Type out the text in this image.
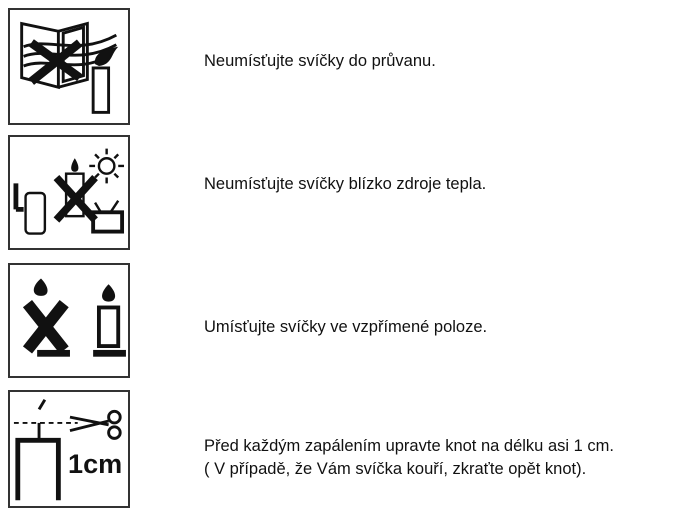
Neumísťujte svíčky do průvanu.
Neumísťujte svíčky blízko zdroje tepla.
Umísťujte svíčky ve vzpřímené poloze.
1cm
Před každým zapálením upravte knot na délku asi 1 cm.
( V případě, že Vám svíčka kouří, zkraťte opět knot).
